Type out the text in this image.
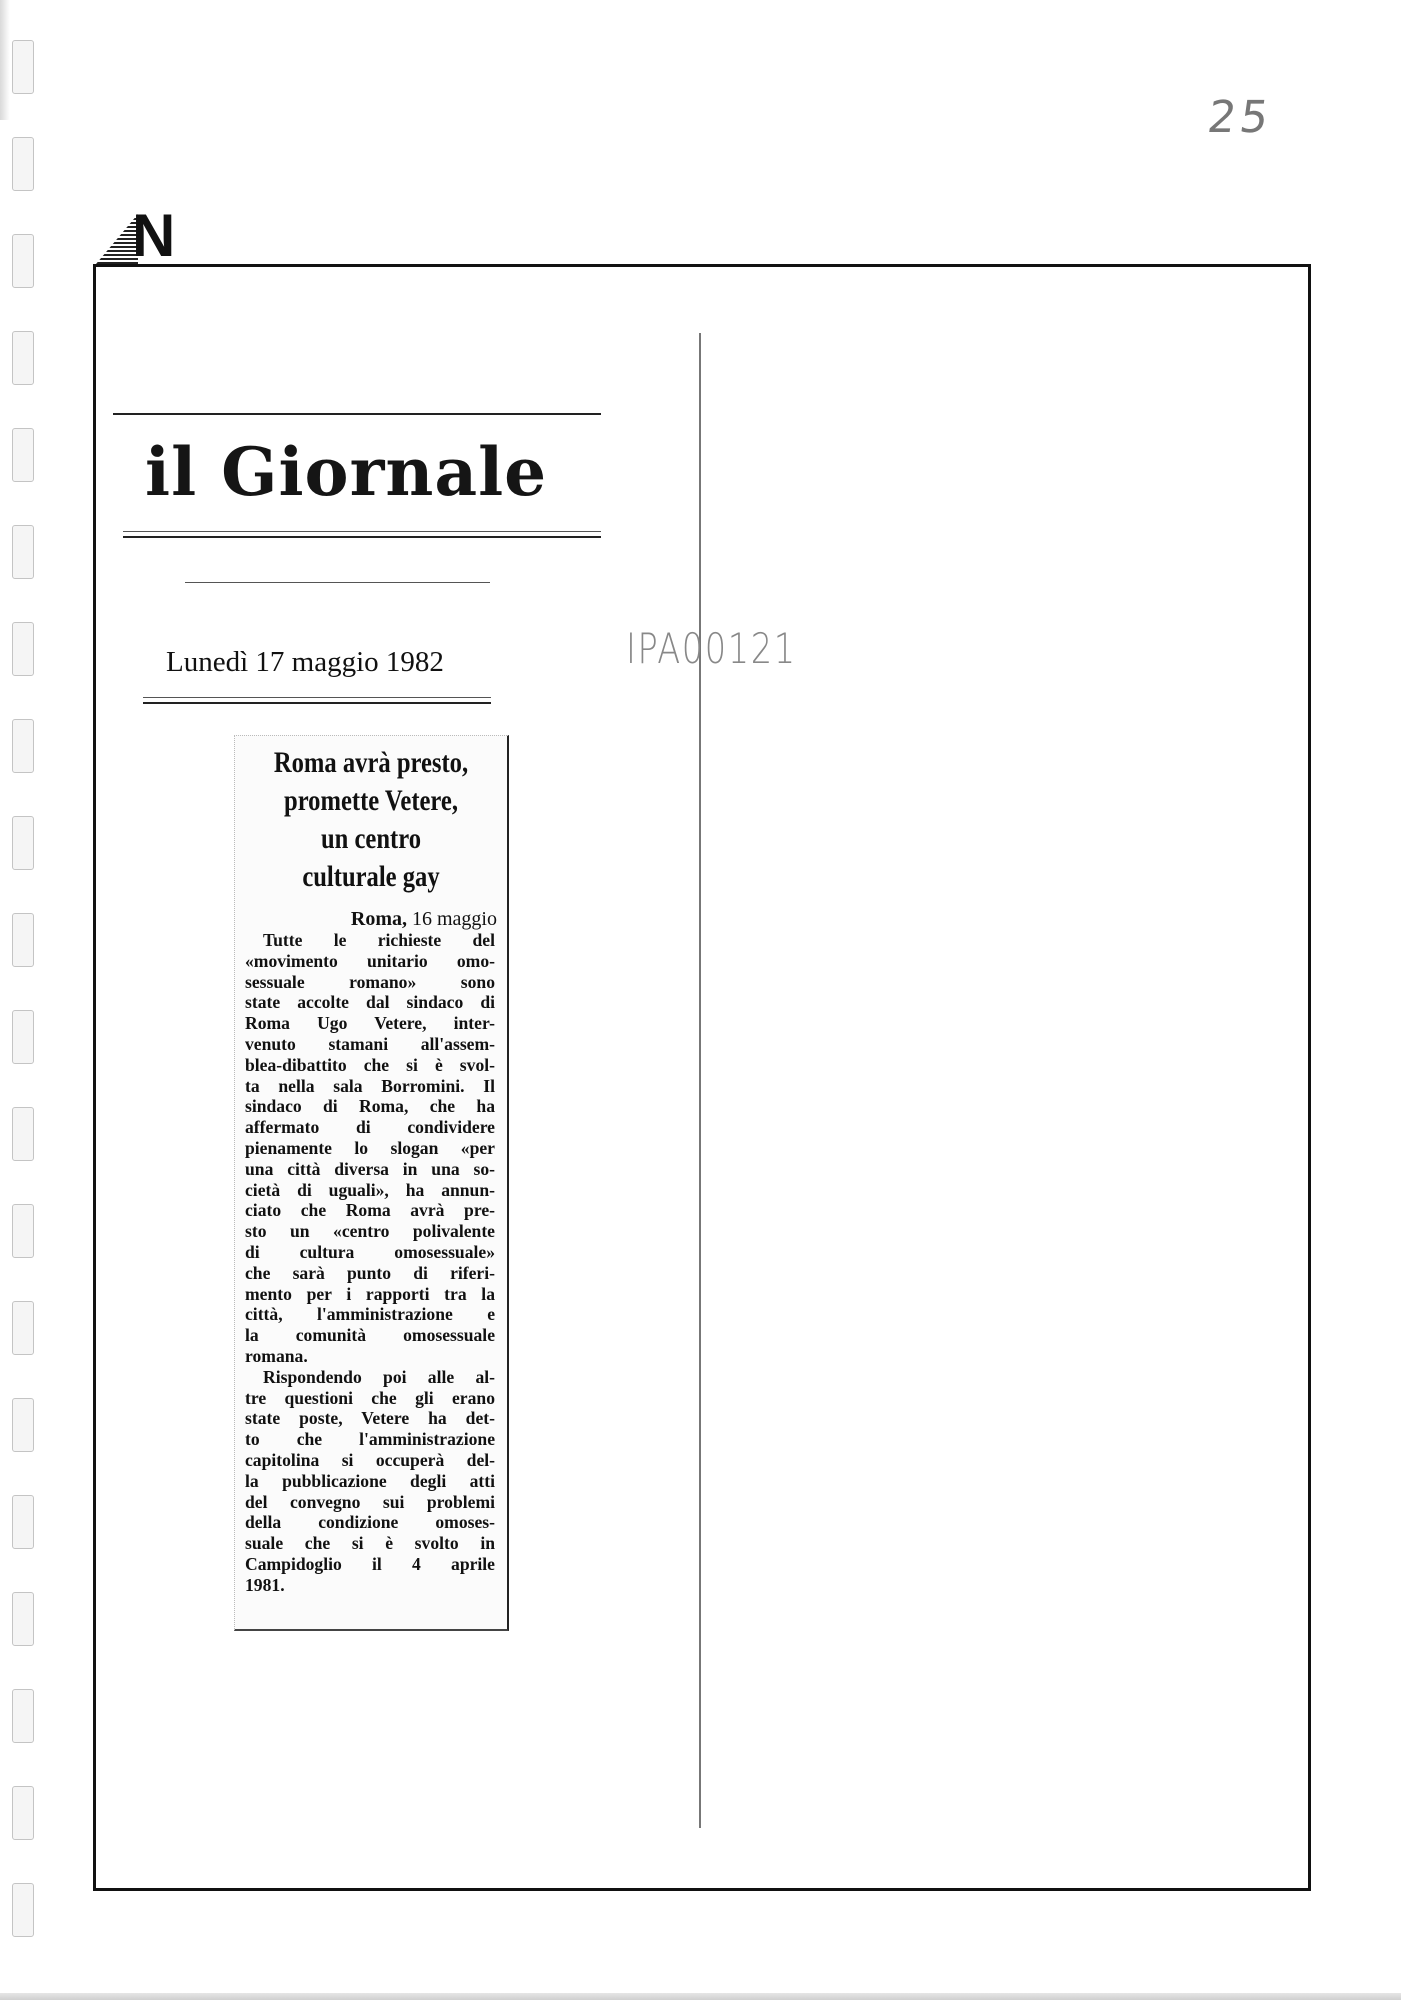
25
N
il Giornale
Lunedì 17 maggio 1982	IPA00121
Roma avrà presto,
promette Vetere,
un centro
culturale gay
Roma, 16 maggio
Tutte le richieste del
«movimento unitario omo-
sessuale romano» sono
state accolte dal sindaco di
Roma Ugo Vetere, inter-
venuto stamani all'assem-
blea-dibattito che si è svol-
ta nella sala Borromini. Il
sindaco di Roma, che ha
affermato di condividere
pienamente lo slogan «per
una città diversa in una so-
cietà di uguali», ha annun-
ciato che Roma avrà pre-
sto un «centro polivalente
di cultura omosessuale»
che sarà punto di riferi-
mento per i rapporti tra la
città, l'amministrazione e
la comunità omosessuale
romana.
Rispondendo poi alle al-
tre questioni che gli erano
state poste, Vetere ha det-
to che l'amministrazione
capitolina si occuperà del-
la pubblicazione degli atti
del convegno sui problemi
della condizione omoses-
suale che si è svolto in
Campidoglio il 4 aprile
1981.
